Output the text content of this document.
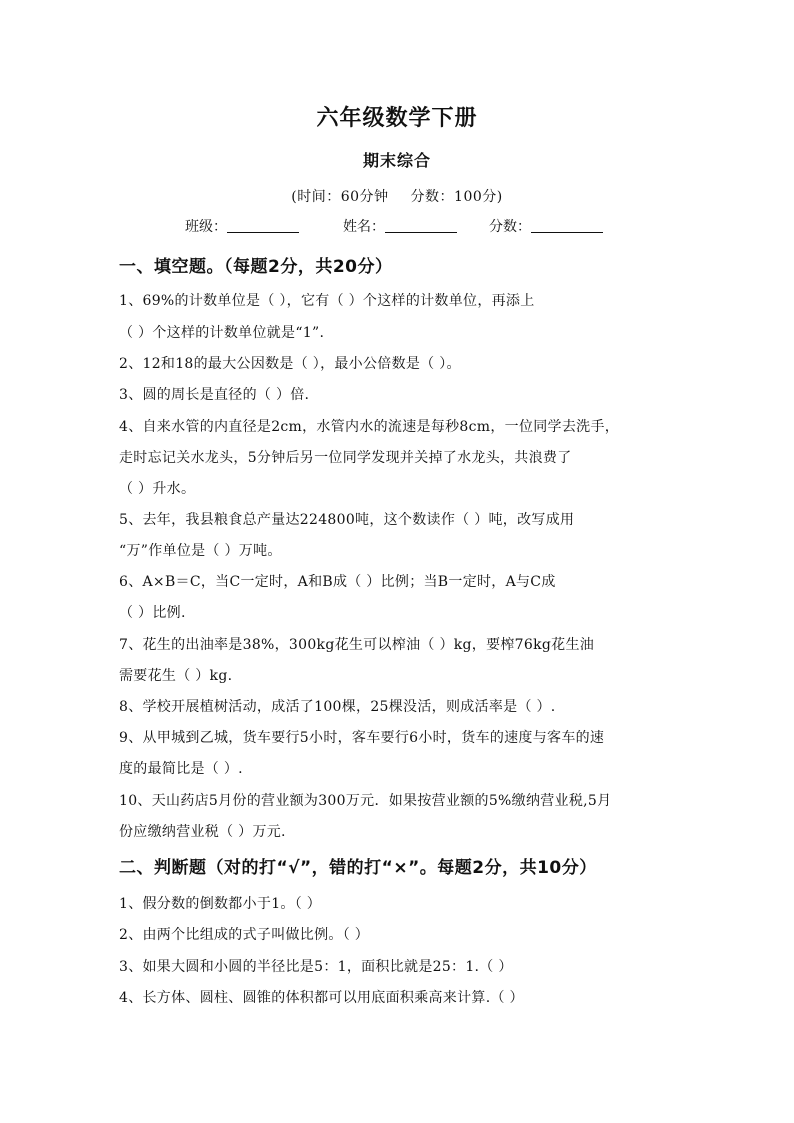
六年级数学下册
期末综合
(时间：60分钟 分数：100分)
班级：	姓名：	分数：
一、填空题。（每题2分，共20分）
1、69%的计数单位是（ ），它有（ ）个这样的计数单位，再添上
（ ）个这样的计数单位就是“1”.
2、12和18的最大公因数是（ ），最小公倍数是（ ）。
3、圆的周长是直径的（ ）倍.
4、自来水管的内直径是2cm，水管内水的流速是每秒8cm，一位同学去洗手，
走时忘记关水龙头，5分钟后另一位同学发现并关掉了水龙头，共浪费了
（ ）升水。
5、去年，我县粮食总产量达224800吨，这个数读作（ ）吨，改写成用
“万”作单位是（ ）万吨。
6、A×B＝C，当C一定时，A和B成（ ）比例；当B一定时，A与C成
（ ）比例.
7、花生的出油率是38%，300kg花生可以榨油（ ）kg，要榨76kg花生油
需要花生（ ）kg.
8、学校开展植树活动，成活了100棵，25棵没活，则成活率是（ ）.
9、从甲城到乙城，货车要行5小时，客车要行6小时，货车的速度与客车的速
度的最简比是（ ）.
10、天山药店5月份的营业额为300万元．如果按营业额的5%缴纳营业税,5月
份应缴纳营业税（ ）万元.
二、判断题（对的打“√”，错的打“×”。每题2分，共10分）
1、假分数的倒数都小于1。（ ）
2、由两个比组成的式子叫做比例。（ ）
3、如果大圆和小圆的半径比是5：1，面积比就是25：1.（ ）
4、长方体、圆柱、圆锥的体积都可以用底面积乘高来计算.（ ）
